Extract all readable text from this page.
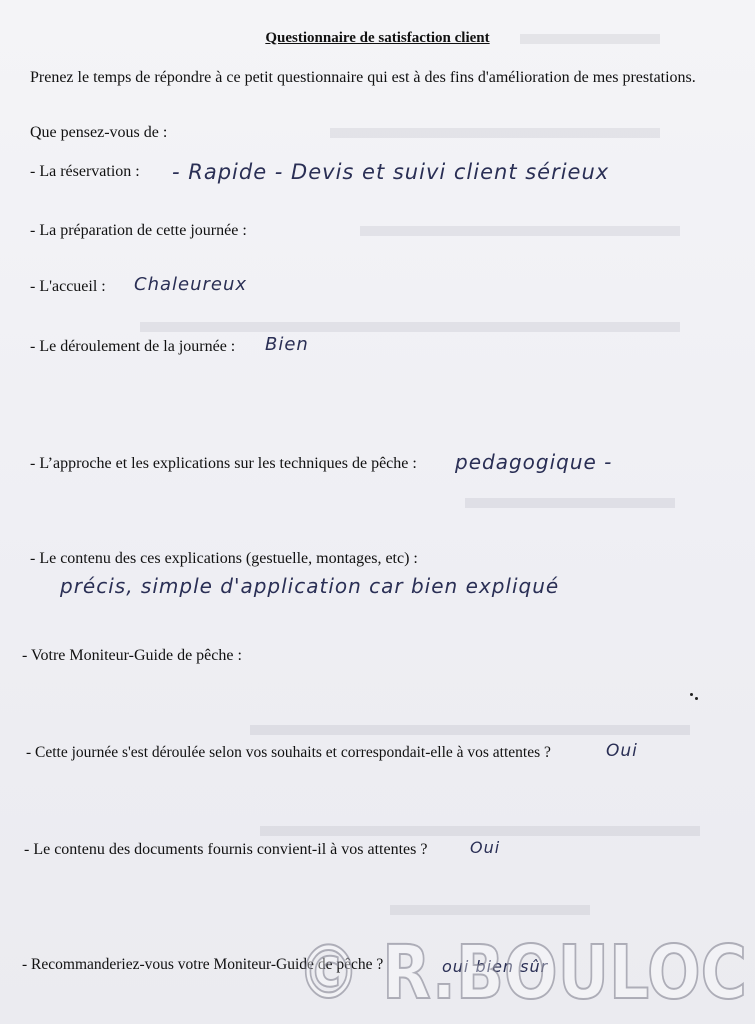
Questionnaire de satisfaction client
Prenez le temps de répondre à ce petit questionnaire qui est à des fins d'amélioration de mes prestations.
Que pensez-vous de :
- La réservation : - Rapide - Devis et suivi client sérieux
- La préparation de cette journée :
- L'accueil : Chaleureux
- Le déroulement de la journée : Bien
- L’approche et les explications sur les techniques de pêche : pedagogique -
- Le contenu des ces explications (gestuelle, montages, etc) :
précis, simple d'application car bien expliqué
- Votre Moniteur-Guide de pêche :
- Cette journée s'est déroulée selon vos souhaits et correspondait-elle à vos attentes ?	Oui
- Le contenu des documents fournis convient-il à vos attentes ?	Oui
- Recommanderiez-vous votre Moniteur-Guide de pêche ?	oui bien sûr
© R.BOULOC
